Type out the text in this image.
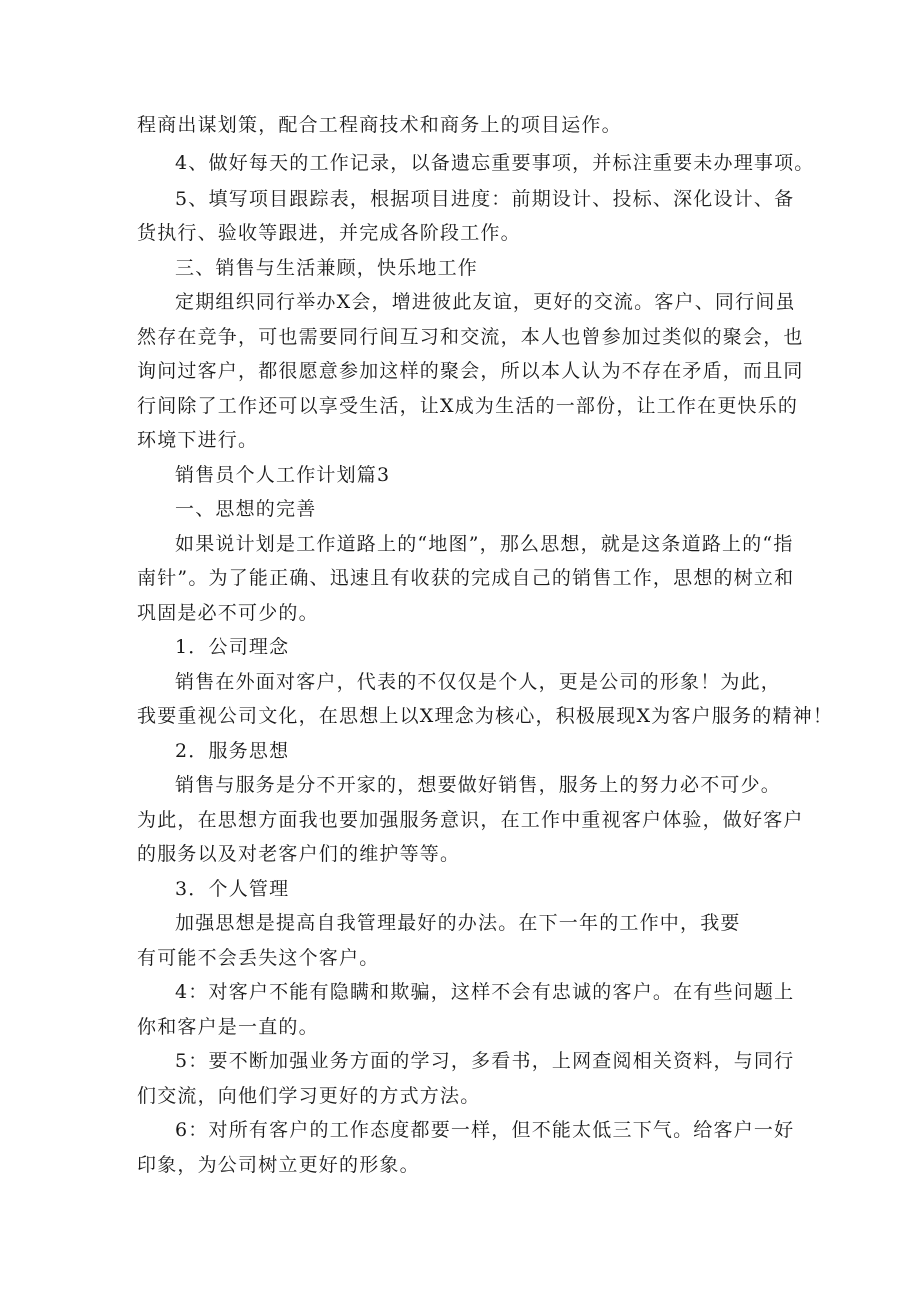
程商出谋划策，配合工程商技术和商务上的项目运作。
4、做好每天的工作记录，以备遗忘重要事项，并标注重要未办理事项。
5、填写项目跟踪表，根据项目进度：前期设计、投标、深化设计、备
货执行、验收等跟进，并完成各阶段工作。
三、销售与生活兼顾，快乐地工作
定期组织同行举办X会，增进彼此友谊，更好的交流。客户、同行间虽
然存在竞争，可也需要同行间互习和交流，本人也曾参加过类似的聚会，也
询问过客户，都很愿意参加这样的聚会，所以本人认为不存在矛盾，而且同
行间除了工作还可以享受生活，让X成为生活的一部份，让工作在更快乐的
环境下进行。
销售员个人工作计划篇3
一、思想的完善
如果说计划是工作道路上的“地图”，那么思想，就是这条道路上的“指
南针”。为了能正确、迅速且有收获的完成自己的销售工作，思想的树立和
巩固是必不可少的。
1．公司理念
销售在外面对客户，代表的不仅仅是个人，更是公司的形象！为此，
我要重视公司文化，在思想上以X理念为核心，积极展现X为客户服务的精神！
2．服务思想
销售与服务是分不开家的，想要做好销售，服务上的努力必不可少。
为此，在思想方面我也要加强服务意识，在工作中重视客户体验，做好客户
的服务以及对老客户们的维护等等。
3．个人管理
加强思想是提高自我管理最好的办法。在下一年的工作中，我要
有可能不会丢失这个客户。
4：对客户不能有隐瞒和欺骗，这样不会有忠诚的客户。在有些问题上
你和客户是一直的。
5：要不断加强业务方面的学习，多看书，上网查阅相关资料，与同行
们交流，向他们学习更好的方式方法。
6：对所有客户的工作态度都要一样，但不能太低三下气。给客户一好
印象，为公司树立更好的形象。
